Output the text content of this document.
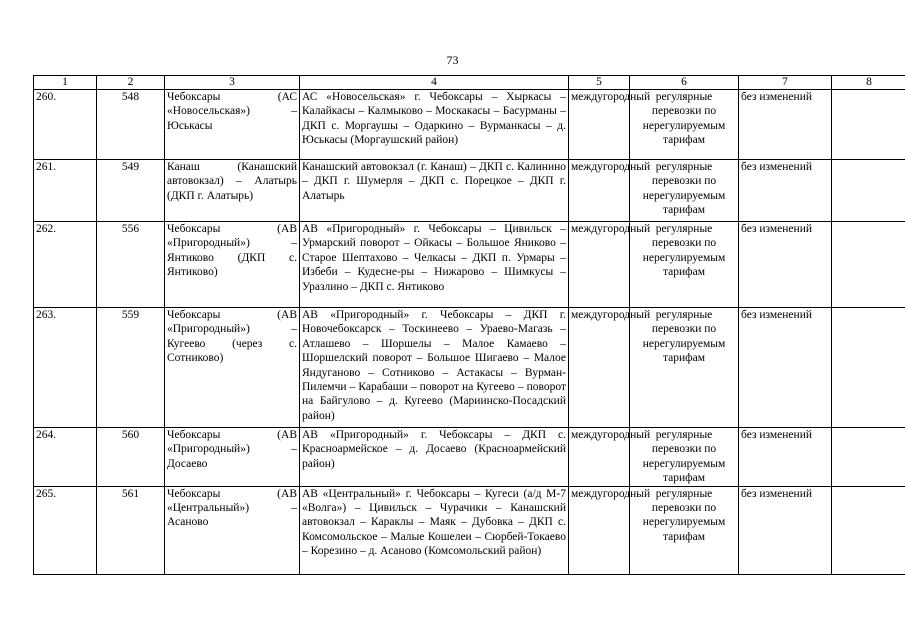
73
1	2	3	4	5	6	7	8
260.	548	Чебоксары (АС «Новосельская») – Юськасы	АС «Новосельская» г. Чебоксары – Хыркасы – Калайкасы – Калмыково – Москакасы – Басурманы – ДКП с. Моргаушы – Одаркино – Вурманкасы – д. Юськасы (Моргаушский район)	междугородный	регулярные перевозки по нерегулируемым тарифам	без изменений	
261.	549	Канаш (Канашский автовокзал) – Алатырь (ДКП г. Алатырь)	Канашский автовокзал (г. Канаш) – ДКП с. Калинино – ДКП г. Шумерля – ДКП с. Порецкое – ДКП г. Алатырь	междугородный	регулярные перевозки по нерегулируемым тарифам	без изменений	
262.	556	Чебоксары (АВ «Пригородный») – Янтиково (ДКП с. Янтиково)	АВ «Пригородный» г. Чебоксары – Цивильск – Урмарский поворот – Ойкасы – Большое Яниково – Старое Шептахово – Челкасы – ДКП п. Урмары – Избеби – Кудесне-ры – Нижарово – Шимкусы – Уразлино – ДКП с. Янтиково	междугородный	регулярные перевозки по нерегулируемым тарифам	без изменений	
263.	559	Чебоксары (АВ «Пригородный») – Кугеево (через с. Сотниково)	АВ «Пригородный» г. Чебоксары – ДКП г. Новочебоксарск – Тоскинеево – Ураево-Магазь – Атлашево – Шоршелы – Малое Камаево – Шоршелский поворот – Большое Шигаево – Малое Яндуганово – Сотниково – Астакасы – Вурман-Пилемчи – Карабаши – поворот на Кугеево – поворот на Байгулово – д. Кугеево (Мариинско-Посадский район)	междугородный	регулярные перевозки по нерегулируемым тарифам	без изменений	
264.	560	Чебоксары (АВ «Пригородный») – Досаево	АВ «Пригородный» г. Чебоксары – ДКП с. Красноармейское – д. Досаево (Красноармейский район)	междугородный	регулярные перевозки по нерегулируемым тарифам	без изменений	
265.	561	Чебоксары (АВ «Центральный») – Асаново	АВ «Центральный» г. Чебоксары – Кугеси (а/д М-7 «Волга») – Цивильск – Чурачики – Канашский автовокзал – Караклы – Маяк – Дубовка – ДКП с. Комсомольское – Малые Кошелеи – Сюрбей-Токаево – Корезино – д. Асаново (Комсомольский район)	междугородный	регулярные перевозки по нерегулируемым тарифам	без изменений	
